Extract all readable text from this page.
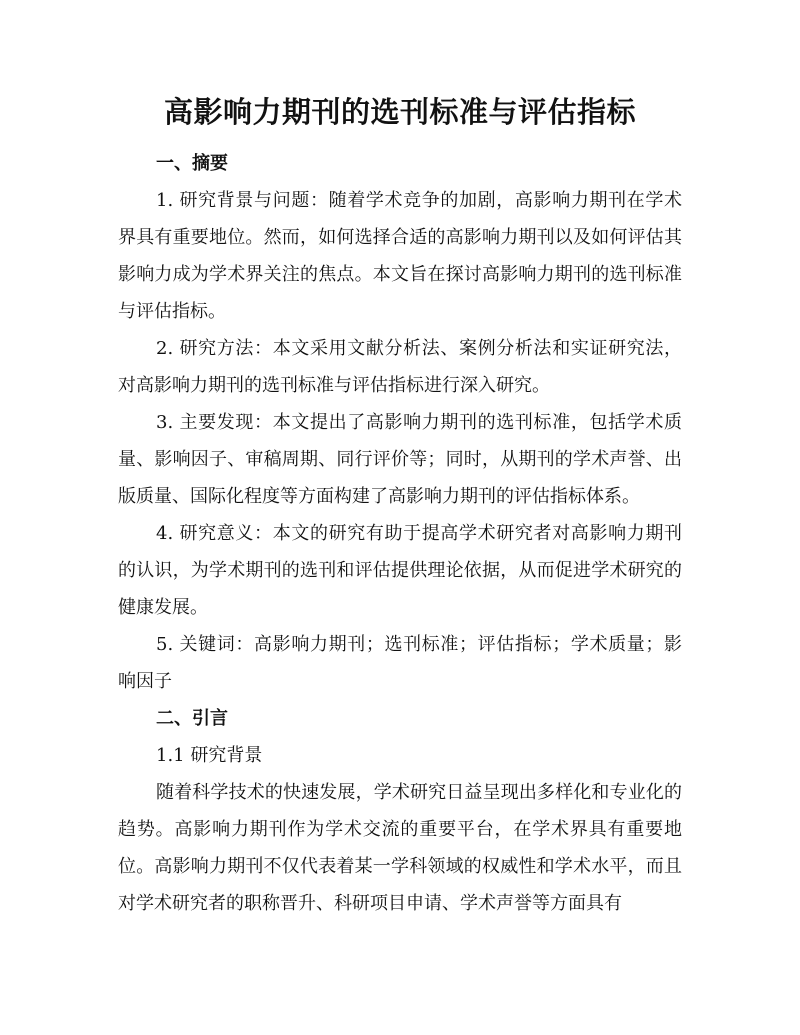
高影响力期刊的选刊标准与评估指标

一、摘要

1. 研究背景与问题：随着学术竞争的加剧，高影响力期刊在学术界具有重要地位。然而，如何选择合适的高影响力期刊以及如何评估其影响力成为学术界关注的焦点。本文旨在探讨高影响力期刊的选刊标准与评估指标。

2. 研究方法：本文采用文献分析法、案例分析法和实证研究法，对高影响力期刊的选刊标准与评估指标进行深入研究。

3. 主要发现：本文提出了高影响力期刊的选刊标准，包括学术质量、影响因子、审稿周期、同行评价等；同时，从期刊的学术声誉、出版质量、国际化程度等方面构建了高影响力期刊的评估指标体系。

4. 研究意义：本文的研究有助于提高学术研究者对高影响力期刊的认识，为学术期刊的选刊和评估提供理论依据，从而促进学术研究的健康发展。

5. 关键词：高影响力期刊；选刊标准；评估指标；学术质量；影响因子

二、引言

1.1 研究背景

随着科学技术的快速发展，学术研究日益呈现出多样化和专业化的趋势。高影响力期刊作为学术交流的重要平台，在学术界具有重要地位。高影响力期刊不仅代表着某一学科领域的权威性和学术水平，而且对学术研究者的职称晋升、科研项目申请、学术声誉等方面具有
